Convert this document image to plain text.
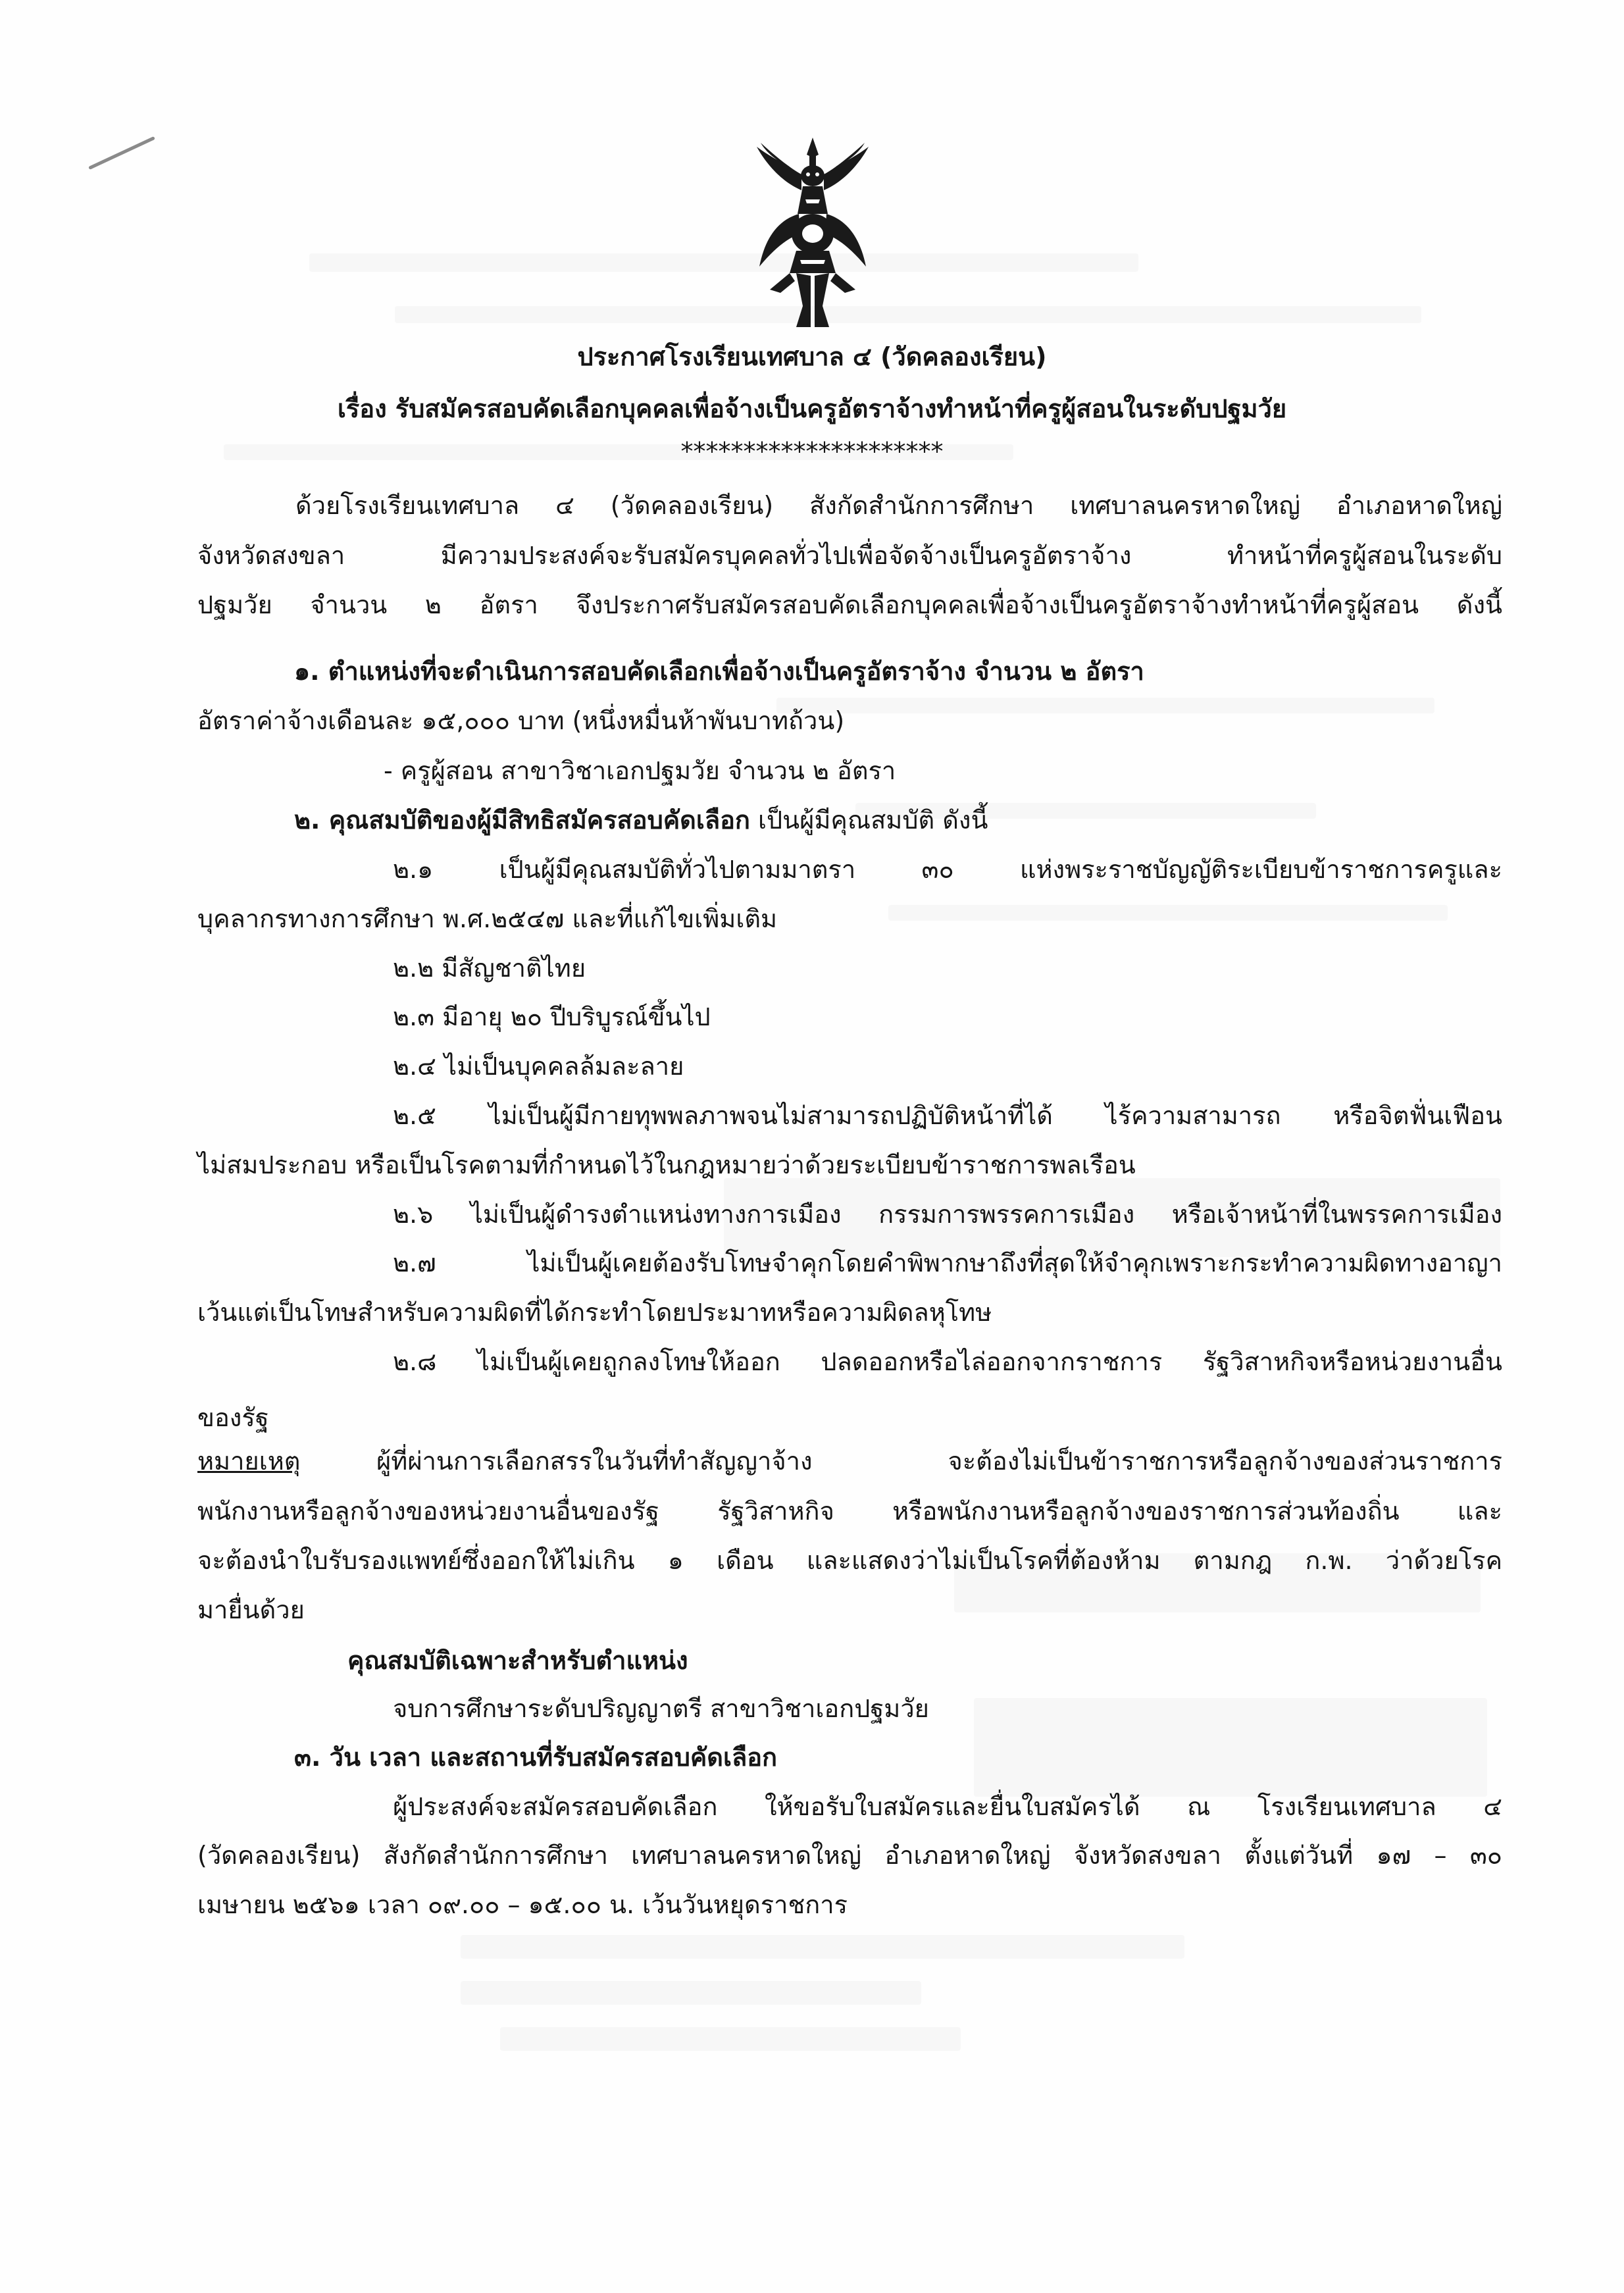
ประกาศโรงเรียนเทศบาล ๔ (วัดคลองเรียน)
เรื่อง รับสมัครสอบคัดเลือกบุคคลเพื่อจ้างเป็นครูอัตราจ้างทำหน้าที่ครูผู้สอนในระดับปฐมวัย
*********************
ด้วยโรงเรียนเทศบาล ๔ (วัดคลองเรียน) สังกัดสำนักการศึกษา เทศบาลนครหาดใหญ่ อำเภอหาดใหญ่
จังหวัดสงขลา มีความประสงค์จะรับสมัครบุคคลทั่วไปเพื่อจัดจ้างเป็นครูอัตราจ้าง ทำหน้าที่ครูผู้สอนในระดับ
ปฐมวัย จำนวน ๒ อัตรา จึงประกาศรับสมัครสอบคัดเลือกบุคคลเพื่อจ้างเป็นครูอัตราจ้างทำหน้าที่ครูผู้สอน ดังนี้
๑. ตำแหน่งที่จะดำเนินการสอบคัดเลือกเพื่อจ้างเป็นครูอัตราจ้าง จำนวน ๒ อัตรา
อัตราค่าจ้างเดือนละ ๑๕,๐๐๐ บาท (หนึ่งหมื่นห้าพันบาทถ้วน)
- ครูผู้สอน สาขาวิชาเอกปฐมวัย จำนวน ๒ อัตรา
๒. คุณสมบัติของผู้มีสิทธิสมัครสอบคัดเลือก เป็นผู้มีคุณสมบัติ ดังนี้
๒.๑ เป็นผู้มีคุณสมบัติทั่วไปตามมาตรา ๓๐ แห่งพระราชบัญญัติระเบียบข้าราชการครูและ
บุคลากรทางการศึกษา พ.ศ.๒๕๔๗ และที่แก้ไขเพิ่มเติม
๒.๒ มีสัญชาติไทย
๒.๓ มีอายุ ๒๐ ปีบริบูรณ์ขึ้นไป
๒.๔ ไม่เป็นบุคคลล้มละลาย
๒.๕ ไม่เป็นผู้มีกายทุพพลภาพจนไม่สามารถปฏิบัติหน้าที่ได้ ไร้ความสามารถ หรือจิตฟั่นเฟือน
ไม่สมประกอบ หรือเป็นโรคตามที่กำหนดไว้ในกฎหมายว่าด้วยระเบียบข้าราชการพลเรือน
๒.๖ ไม่เป็นผู้ดำรงตำแหน่งทางการเมือง กรรมการพรรคการเมือง หรือเจ้าหน้าที่ในพรรคการเมือง
๒.๗ ไม่เป็นผู้เคยต้องรับโทษจำคุกโดยคำพิพากษาถึงที่สุดให้จำคุกเพราะกระทำความผิดทางอาญา
เว้นแต่เป็นโทษสำหรับความผิดที่ได้กระทำโดยประมาทหรือความผิดลหุโทษ
๒.๘ ไม่เป็นผู้เคยถูกลงโทษให้ออก ปลดออกหรือไล่ออกจากราชการ รัฐวิสาหกิจหรือหน่วยงานอื่น
ของรัฐ
หมายเหตุ	ผู้ที่ผ่านการเลือกสรรในวันที่ทำสัญญาจ้าง จะต้องไม่เป็นข้าราชการหรือลูกจ้างของส่วนราชการ
พนักงานหรือลูกจ้างของหน่วยงานอื่นของรัฐ รัฐวิสาหกิจ หรือพนักงานหรือลูกจ้างของราชการส่วนท้องถิ่น และ
จะต้องนำใบรับรองแพทย์ซึ่งออกให้ไม่เกิน ๑ เดือน และแสดงว่าไม่เป็นโรคที่ต้องห้าม ตามกฎ ก.พ. ว่าด้วยโรค
มายื่นด้วย
คุณสมบัติเฉพาะสำหรับตำแหน่ง
จบการศึกษาระดับปริญญาตรี สาขาวิชาเอกปฐมวัย
๓. วัน เวลา และสถานที่รับสมัครสอบคัดเลือก
ผู้ประสงค์จะสมัครสอบคัดเลือก ให้ขอรับใบสมัครและยื่นใบสมัครได้ ณ โรงเรียนเทศบาล ๔
(วัดคลองเรียน) สังกัดสำนักการศึกษา เทศบาลนครหาดใหญ่ อำเภอหาดใหญ่ จังหวัดสงขลา ตั้งแต่วันที่ ๑๗ – ๓๐
เมษายน ๒๕๖๑ เวลา ๐๙.๐๐ – ๑๕.๐๐ น. เว้นวันหยุดราชการ
